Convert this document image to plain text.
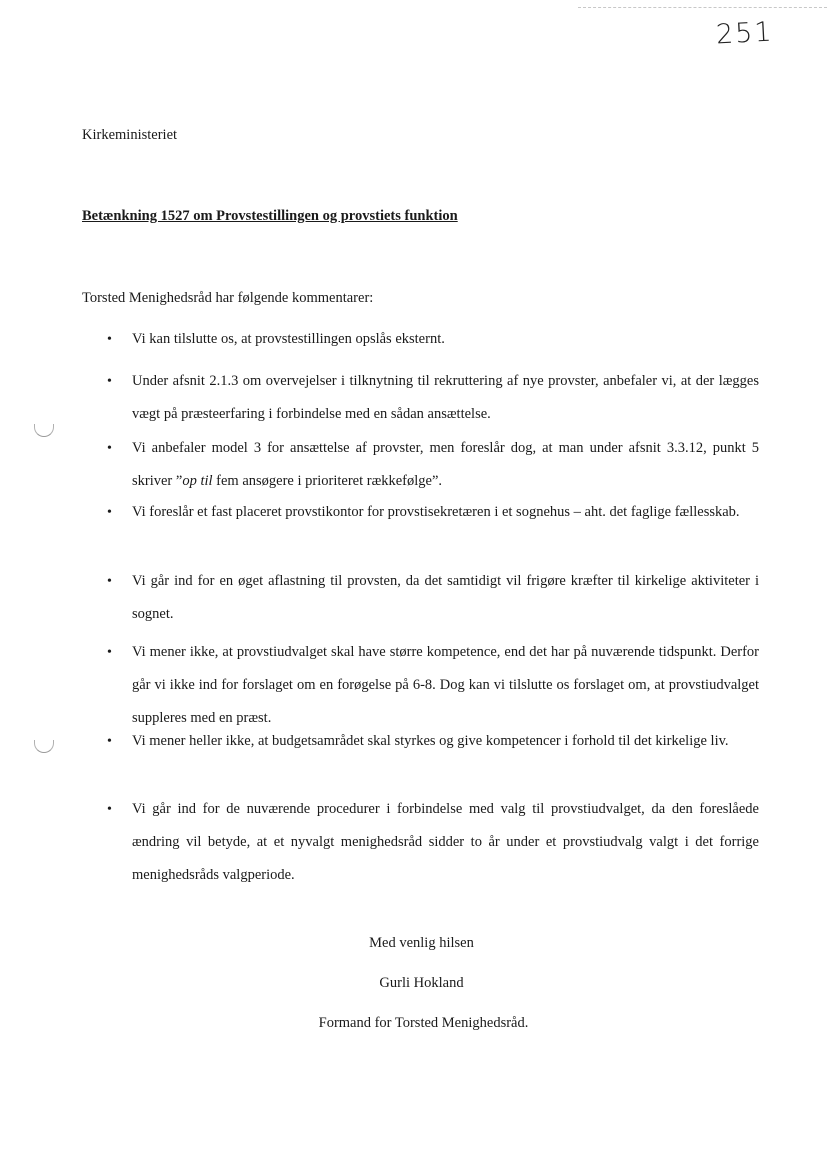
251
Kirkeministeriet
Betænkning 1527 om Provstestillingen og provstiets funktion
Torsted Menighedsråd har følgende kommentarer:
• Vi kan tilslutte os, at provstestillingen opslås eksternt.
• Under afsnit 2.1.3 om overvejelser i tilknytning til rekruttering af nye provster, anbefaler vi, at der lægges vægt på præsteerfaring i forbindelse med en sådan ansættelse.
• Vi anbefaler model 3 for ansættelse af provster, men foreslår dog, at man under afsnit 3.3.12, punkt 5 skriver ”op til fem ansøgere i prioriteret rækkefølge”.
• Vi foreslår et fast placeret provstikontor for provstisekretæren i et sognehus – aht. det faglige fællesskab.
• Vi går ind for en øget aflastning til provsten, da det samtidigt vil frigøre kræfter til kirkelige aktiviteter i sognet.
• Vi mener ikke, at provstiudvalget skal have større kompetence, end det har på nuværende tidspunkt. Derfor går vi ikke ind for forslaget om en forøgelse på 6-8. Dog kan vi tilslutte os forslaget om, at provstiudvalget suppleres med en præst.
• Vi mener heller ikke, at budgetsamrådet skal styrkes og give kompetencer i forhold til det kirkelige liv.
• Vi går ind for de nuværende procedurer i forbindelse med valg til provstiudvalget, da den foreslåede ændring vil betyde, at et nyvalgt menighedsråd sidder to år under et provstiudvalg valgt i det forrige menighedsråds valgperiode.
Med venlig hilsen
Gurli Hokland
Formand for Torsted Menighedsråd.
